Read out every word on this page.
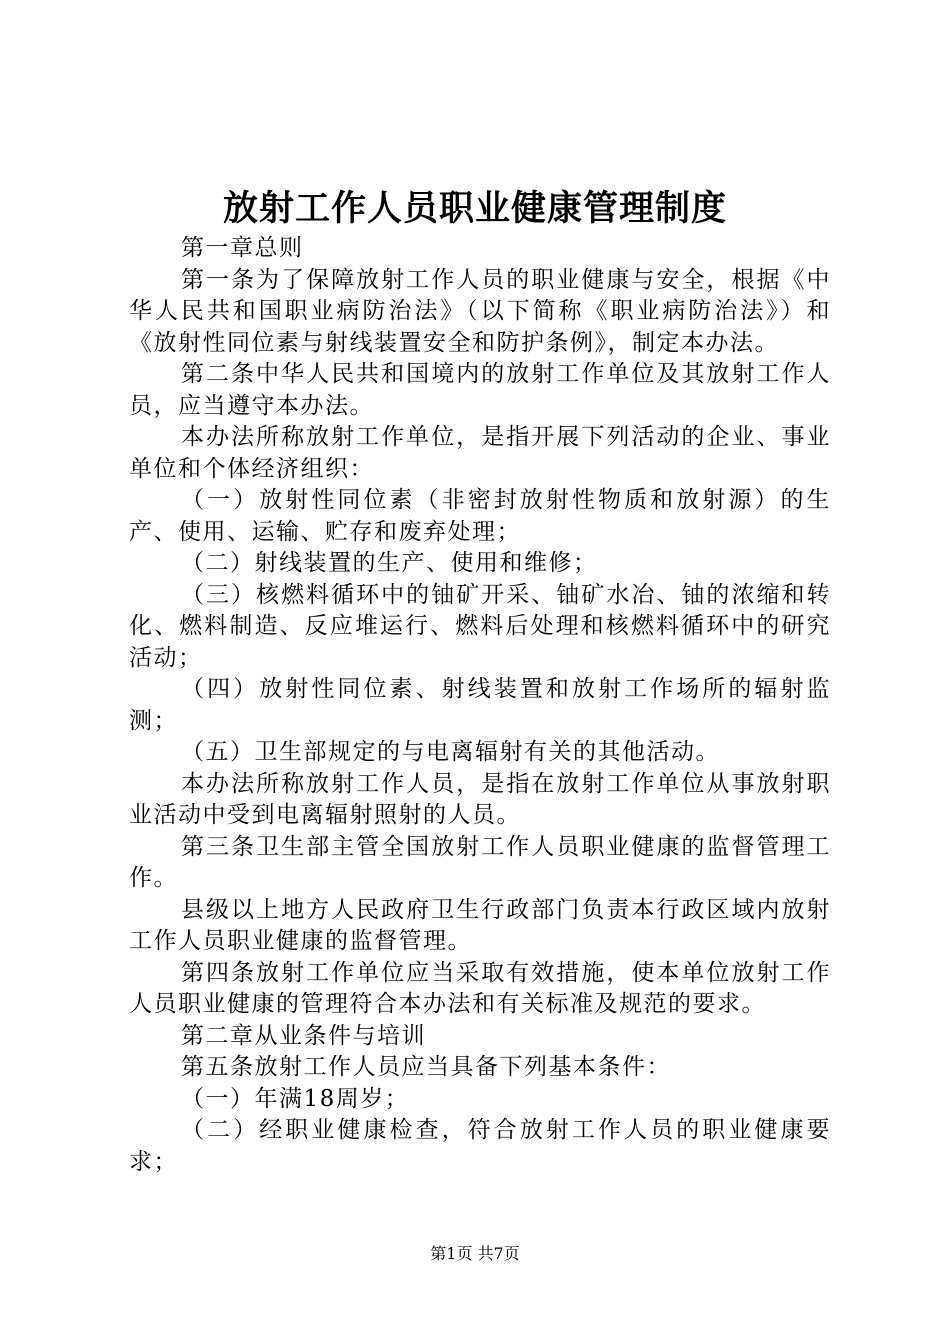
放射工作人员职业健康管理制度

第一章总则

第一条为了保障放射工作人员的职业健康与安全，根据《中华人民共和国职业病防治法》（以下简称《职业病防治法》）和《放射性同位素与射线装置安全和防护条例》，制定本办法。

第二条中华人民共和国境内的放射工作单位及其放射工作人员，应当遵守本办法。

本办法所称放射工作单位，是指开展下列活动的企业、事业单位和个体经济组织：

（一）放射性同位素（非密封放射性物质和放射源）的生产、使用、运输、贮存和废弃处理；

（二）射线装置的生产、使用和维修；

（三）核燃料循环中的铀矿开采、铀矿水冶、铀的浓缩和转化、燃料制造、反应堆运行、燃料后处理和核燃料循环中的研究活动；

（四）放射性同位素、射线装置和放射工作场所的辐射监测；

（五）卫生部规定的与电离辐射有关的其他活动。

本办法所称放射工作人员，是指在放射工作单位从事放射职业活动中受到电离辐射照射的人员。

第三条卫生部主管全国放射工作人员职业健康的监督管理工作。

县级以上地方人民政府卫生行政部门负责本行政区域内放射工作人员职业健康的监督管理。

第四条放射工作单位应当采取有效措施，使本单位放射工作人员职业健康的管理符合本办法和有关标准及规范的要求。

第二章从业条件与培训

第五条放射工作人员应当具备下列基本条件：

（一）年满18周岁；

（二）经职业健康检查，符合放射工作人员的职业健康要求；

第1页 共7页
